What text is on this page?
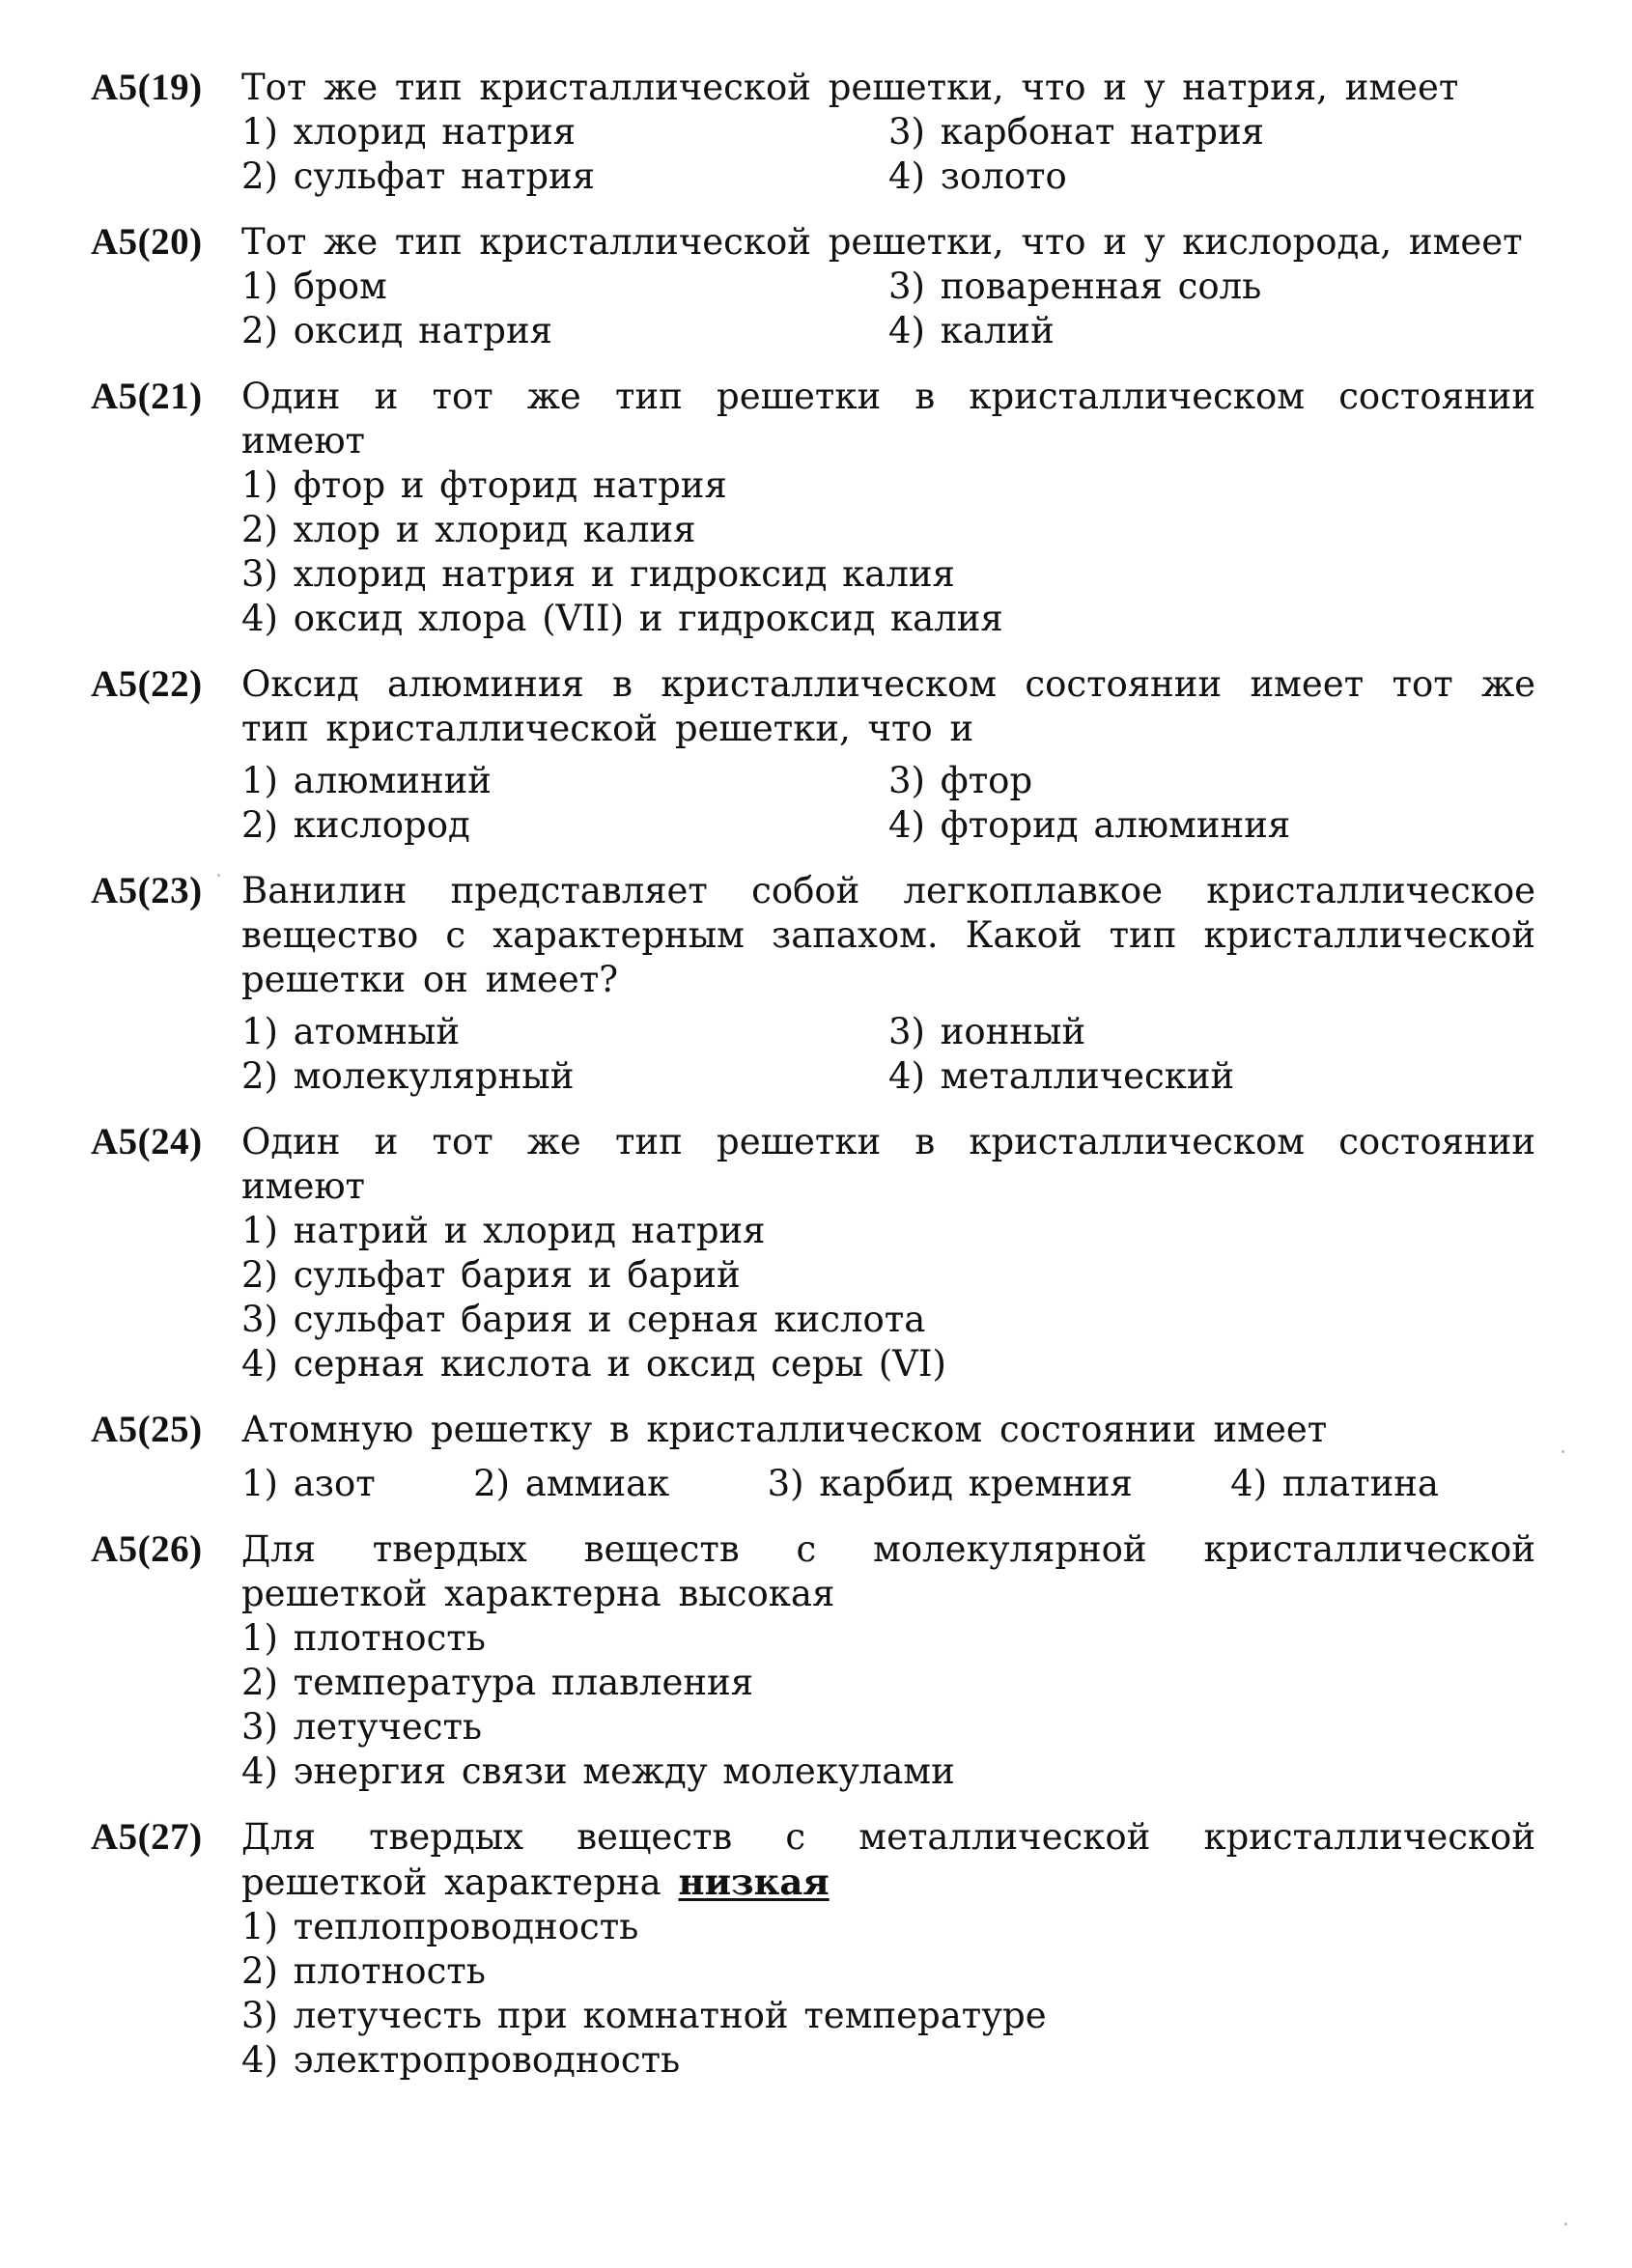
A5(19)	Тот же тип кристаллической решетки, что и у натрия, имеет
1) хлорид натрия
2) сульфат натрия
3) карбонат натрия
4) золото
A5(20)	Тот же тип кристаллической решетки, что и у кислорода, имеет
1) бром
2) оксид натрия
3) поваренная соль
4) калий
A5(21)	Один и тот же тип решетки в кристаллическом состоянии имеют
1) фтор и фторид натрия
2) хлор и хлорид калия
3) хлорид натрия и гидроксид калия
4) оксид хлора (VII) и гидроксид калия
A5(22)	Оксид алюминия в кристаллическом состоянии имеет тот же тип кристаллической решетки, что и
1) алюминий
2) кислород
3) фтор
4) фторид алюминия
A5(23)	Ванилин представляет собой легкоплавкое кристаллическое вещество с характерным запахом. Какой тип кристаллической решетки он имеет?
1) атомный
2) молекулярный
3) ионный
4) металлический
A5(24)	Один и тот же тип решетки в кристаллическом состоянии имеют
1) натрий и хлорид натрия
2) сульфат бария и барий
3) сульфат бария и серная кислота
4) серная кислота и оксид серы (VI)
A5(25)	Атомную решетку в кристаллическом состоянии имеет
1) азот	2) аммиак	3) карбид кремния	4) платина
A5(26)	Для твердых веществ с молекулярной кристаллической решеткой характерна высокая
1) плотность
2) температура плавления
3) летучесть
4) энергия связи между молекулами
A5(27)	Для твердых веществ с металлической кристаллической решеткой характерна низкая
1) теплопроводность
2) плотность
3) летучесть при комнатной температуре
4) электропроводность
